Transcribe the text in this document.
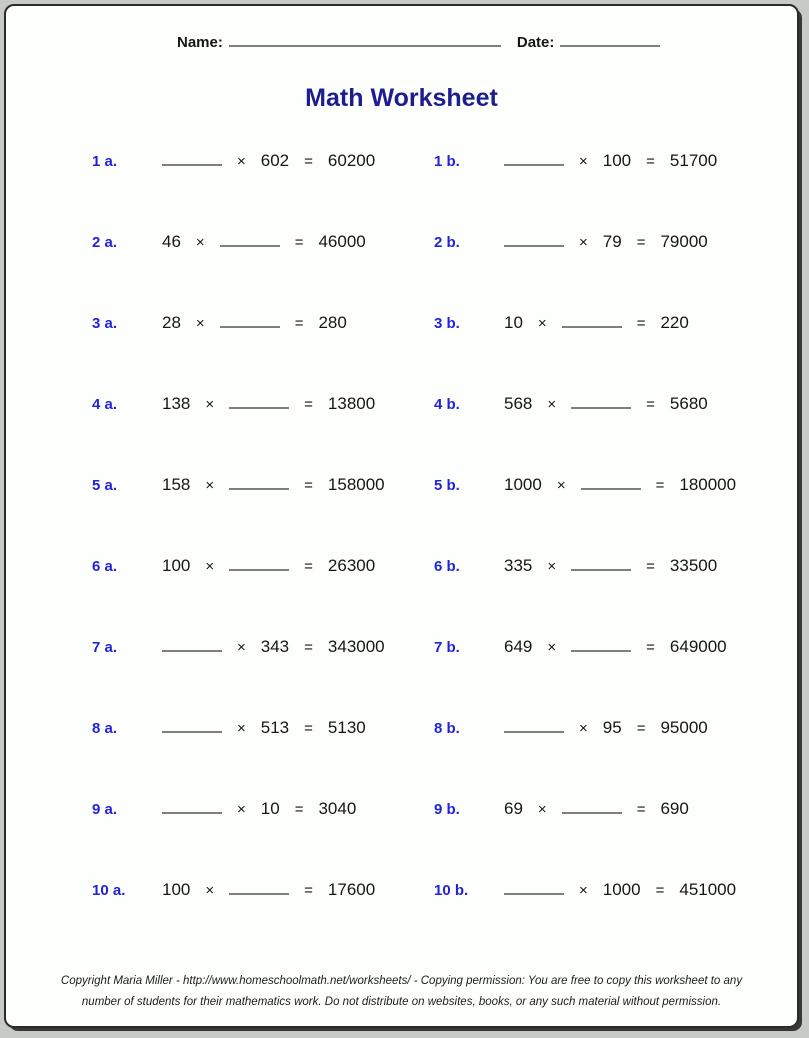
Name:	Date:
Math Worksheet
1 a.	× 602 = 60200	1 b.	× 100 = 51700
2 a.	46 ×	= 46000	2 b.	× 79 = 79000
3 a.	28 ×	= 280	3 b.	10 ×	= 220
4 a.	138 ×	= 13800	4 b.	568 ×	= 5680
5 a.	158 ×	= 158000	5 b.	1000 ×	= 180000
6 a.	100 ×	= 26300	6 b.	335 ×	= 33500
7 a.	× 343 = 343000	7 b.	649 ×	= 649000
8 a.	× 513 = 5130	8 b.	× 95 = 95000
9 a.	× 10 = 3040	9 b.	69 ×	= 690
10 a.	100 ×	= 17600	10 b.	× 1000 = 451000
Copyright Maria Miller - http://www.homeschoolmath.net/worksheets/ - Copying permission: You are free to copy this worksheet to any
number of students for their mathematics work. Do not distribute on websites, books, or any such material without permission.
